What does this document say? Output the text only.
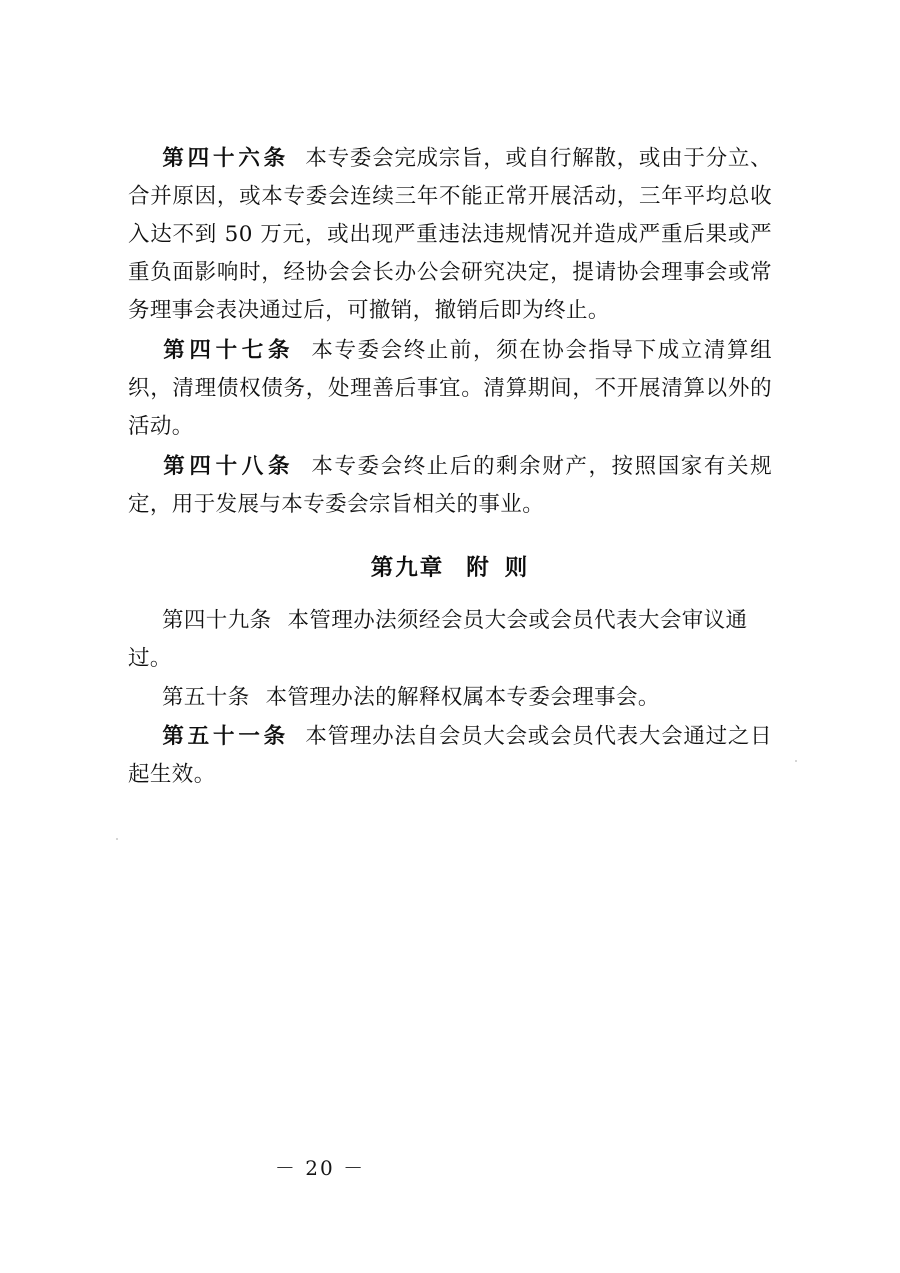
第四十六条 本专委会完成宗旨，或自行解散，或由于分立、合并原因，或本专委会连续三年不能正常开展活动，三年平均总收入达不到 50 万元，或出现严重违法违规情况并造成严重后果或严重负面影响时，经协会会长办公会研究决定，提请协会理事会或常务理事会表决通过后，可撤销，撤销后即为终止。

第四十七条 本专委会终止前，须在协会指导下成立清算组织，清理债权债务，处理善后事宜。清算期间，不开展清算以外的活动。

第四十八条 本专委会终止后的剩余财产，按照国家有关规定，用于发展与本专委会宗旨相关的事业。

第九章 附 则

第四十九条 本管理办法须经会员大会或会员代表大会审议通过。

第五十条 本管理办法的解释权属本专委会理事会。

第五十一条 本管理办法自会员大会或会员代表大会通过之日起生效。

－ 20 －
